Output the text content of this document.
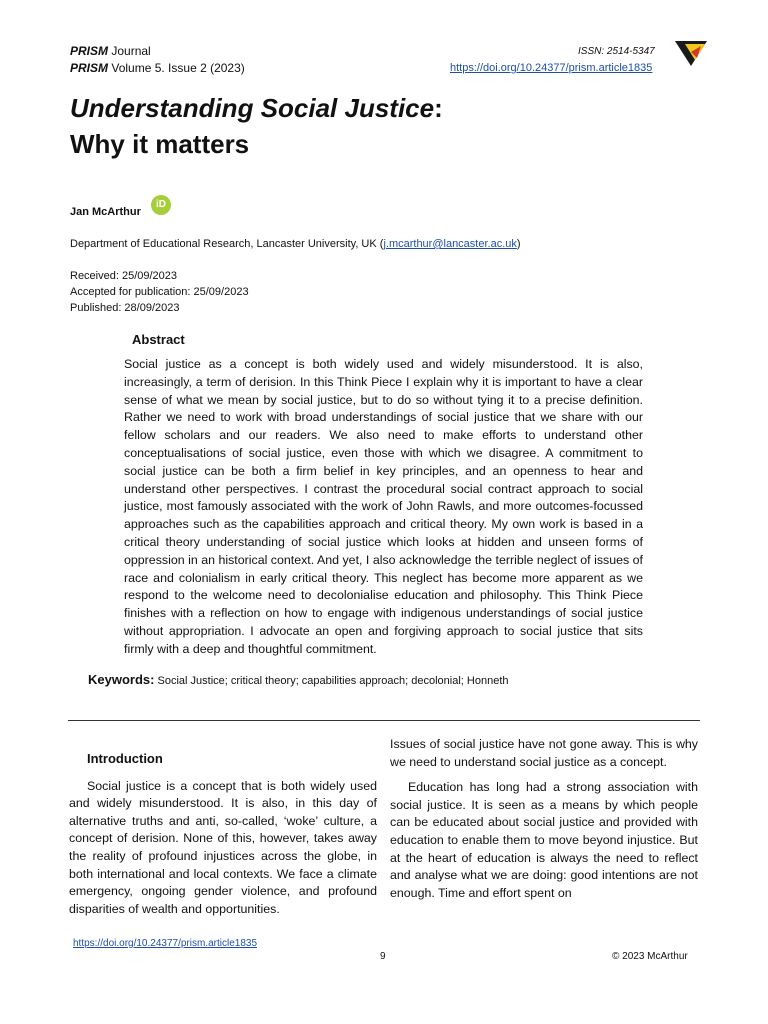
PRISM Journal
PRISM Volume 5. Issue 2 (2023)
ISSN: 2514-5347
https://doi.org/10.24377/prism.article1835
Understanding Social Justice:
Why it matters
Jan McArthur
iD
Department of Educational Research, Lancaster University, UK (j.mcarthur@lancaster.ac.uk)
Received: 25/09/2023
Accepted for publication: 25/09/2023
Published: 28/09/2023
Abstract
Social justice as a concept is both widely used and widely misunderstood. It is also, increasingly, a term of derision. In this Think Piece I explain why it is important to have a clear sense of what we mean by social justice, but to do so without tying it to a precise definition. Rather we need to work with broad understandings of social justice that we share with our fellow scholars and our readers. We also need to make efforts to understand other conceptualisations of social justice, even those with which we disagree. A commitment to social justice can be both a firm belief in key principles, and an openness to hear and understand other perspectives. I contrast the procedural social contract approach to social justice, most famously associated with the work of John Rawls, and more outcomes-focussed approaches such as the capabilities approach and critical theory. My own work is based in a critical theory understanding of social justice which looks at hidden and unseen forms of oppression in an historical context. And yet, I also acknowledge the terrible neglect of issues of race and colonialism in early critical theory. This neglect has become more apparent as we respond to the welcome need to decolonialise education and philosophy. This Think Piece finishes with a reflection on how to engage with indigenous understandings of social justice without appropriation. I advocate an open and forgiving approach to social justice that sits firmly with a deep and thoughtful commitment.
Keywords: Social Justice; critical theory; capabilities approach; decolonial; Honneth
Introduction

Social justice is a concept that is both widely used and widely misunderstood. It is also, in this day of alternative truths and anti, so-called, ‘woke’ culture, a concept of derision. None of this, however, takes away the reality of profound injustices across the globe, in both international and local contexts. We face a climate emergency, ongoing gender violence, and profound disparities of wealth and opportunities.

Issues of social justice have not gone away. This is why we need to understand social justice as a concept.

Education has long had a strong association with social justice. It is seen as a means by which people can be educated about social justice and provided with education to enable them to move beyond injustice. But at the heart of education is always the need to reflect and analyse what we are doing: good intentions are not enough. Time and effort spent on

https://doi.org/10.24377/prism.article1835
9	© 2023 McArthur
